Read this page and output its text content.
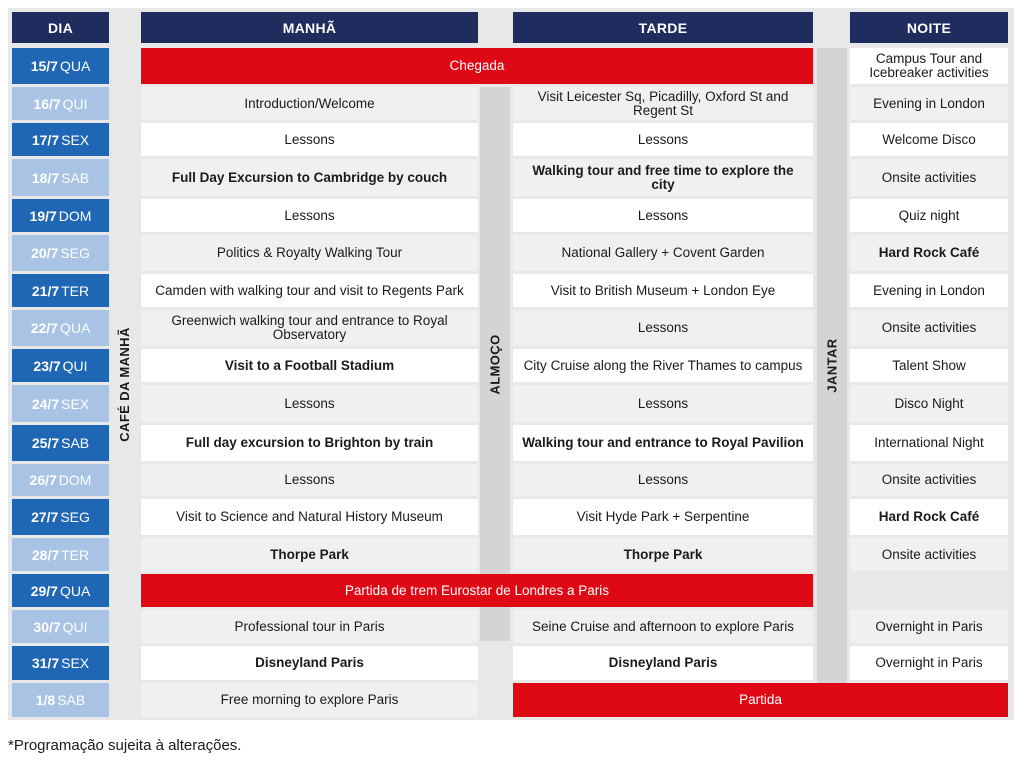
DIA	MANHÃ	TARDE	NOITE
CAFÉ DA MANHÃ	ALMOÇO	JANTAR
15/7 QUA	Chegada	Campus Tour and Icebreaker activities
16/7 QUI	Introduction/Welcome	Visit Leicester Sq, Picadilly, Oxford St and Regent St	Evening in London
17/7 SEX	Lessons	Lessons	Welcome Disco
18/7 SAB	Full Day Excursion to Cambridge by couch	Walking tour and free time to explore the city	Onsite activities
19/7 DOM	Lessons	Lessons	Quiz night
20/7 SEG	Politics & Royalty Walking Tour	National Gallery + Covent Garden	Hard Rock Café
21/7 TER	Camden with walking tour and visit to Regents Park	Visit to British Museum + London Eye	Evening in London
22/7 QUA	Greenwich walking tour and entrance to Royal Observatory	Lessons	Onsite activities
23/7 QUI	Visit to a Football Stadium	City Cruise along the River Thames to campus	Talent Show
24/7 SEX	Lessons	Lessons	Disco Night
25/7 SAB	Full day excursion to Brighton by train	Walking tour and entrance to Royal Pavilion	International Night
26/7 DOM	Lessons	Lessons	Onsite activities
27/7 SEG	Visit to Science and Natural History Museum	Visit Hyde Park + Serpentine	Hard Rock Café
28/7 TER	Thorpe Park	Thorpe Park	Onsite activities
29/7 QUA	Partida de trem Eurostar de Londres a Paris
30/7 QUI	Professional tour in Paris	Seine Cruise and afternoon to explore Paris	Overnight in Paris
31/7 SEX	Disneyland Paris	Disneyland Paris	Overnight in Paris
1/8 SAB	Free morning to explore Paris	Partida
*Programação sujeita à alterações.
